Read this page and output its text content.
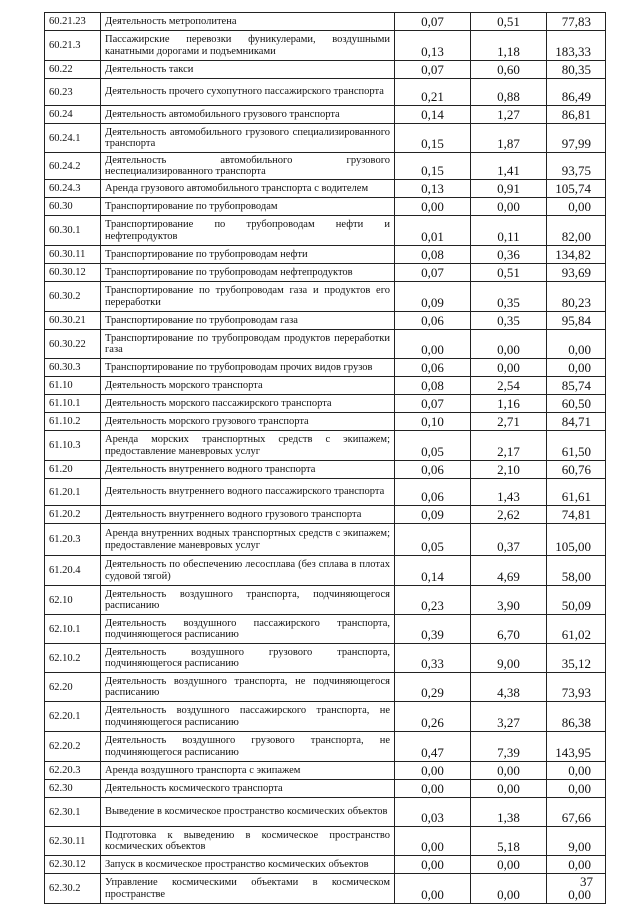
60.21.23	Деятельность метрополитена	0,07	0,51	77,83
60.21.3	Пассажирские перевозки фуникулерами, воздушными канатными дорогами и подъемниками	0,13	1,18	183,33
60.22	Деятельность такси	0,07	0,60	80,35
60.23	Деятельность прочего сухопутного пассажирского транспорта	0,21	0,88	86,49
60.24	Деятельность автомобильного грузового транспорта	0,14	1,27	86,81
60.24.1	Деятельность автомобильного грузового специализированного транспорта	0,15	1,87	97,99
60.24.2	Деятельность автомобильного грузового неспециализированного транспорта	0,15	1,41	93,75
60.24.3	Аренда грузового автомобильного транспорта с водителем	0,13	0,91	105,74
60.30	Транспортирование по трубопроводам	0,00	0,00	0,00
60.30.1	Транспортирование по трубопроводам нефти и нефтепродуктов	0,01	0,11	82,00
60.30.11	Транспортирование по трубопроводам нефти	0,08	0,36	134,82
60.30.12	Транспортирование по трубопроводам нефтепродуктов	0,07	0,51	93,69
60.30.2	Транспортирование по трубопроводам газа и продуктов его переработки	0,09	0,35	80,23
60.30.21	Транспортирование по трубопроводам газа	0,06	0,35	95,84
60.30.22	Транспортирование по трубопроводам продуктов переработки газа	0,00	0,00	0,00
60.30.3	Транспортирование по трубопроводам прочих видов грузов	0,06	0,00	0,00
61.10	Деятельность морского транспорта	0,08	2,54	85,74
61.10.1	Деятельность морского пассажирского транспорта	0,07	1,16	60,50
61.10.2	Деятельность морского грузового транспорта	0,10	2,71	84,71
61.10.3	Аренда морских транспортных средств с экипажем; предоставление маневровых услуг	0,05	2,17	61,50
61.20	Деятельность внутреннего водного транспорта	0,06	2,10	60,76
61.20.1	Деятельность внутреннего водного пассажирского транспорта	0,06	1,43	61,61
61.20.2	Деятельность внутреннего водного грузового транспорта	0,09	2,62	74,81
61.20.3	Аренда внутренних водных транспортных средств с экипажем; предоставление маневровых услуг	0,05	0,37	105,00
61.20.4	Деятельность по обеспечению лесосплава (без сплава в плотах судовой тягой)	0,14	4,69	58,00
62.10	Деятельность воздушного транспорта, подчиняющегося расписанию	0,23	3,90	50,09
62.10.1	Деятельность воздушного пассажирского транспорта, подчиняющегося расписанию	0,39	6,70	61,02
62.10.2	Деятельность воздушного грузового транспорта, подчиняющегося расписанию	0,33	9,00	35,12
62.20	Деятельность воздушного транспорта, не подчиняющегося расписанию	0,29	4,38	73,93
62.20.1	Деятельность воздушного пассажирского транспорта, не подчиняющегося расписанию	0,26	3,27	86,38
62.20.2	Деятельность воздушного грузового транспорта, не подчиняющегося расписанию	0,47	7,39	143,95
62.20.3	Аренда воздушного транспорта с экипажем	0,00	0,00	0,00
62.30	Деятельность космического транспорта	0,00	0,00	0,00
62.30.1	Выведение в космическое пространство космических объектов	0,03	1,38	67,66
62.30.11	Подготовка к выведению в космическое пространство космических объектов	0,00	5,18	9,00
62.30.12	Запуск в космическое пространство космических объектов	0,00	0,00	0,00
62.30.2	Управление космическими объектами в космическом пространстве	0,00	0,00	0,00
37
